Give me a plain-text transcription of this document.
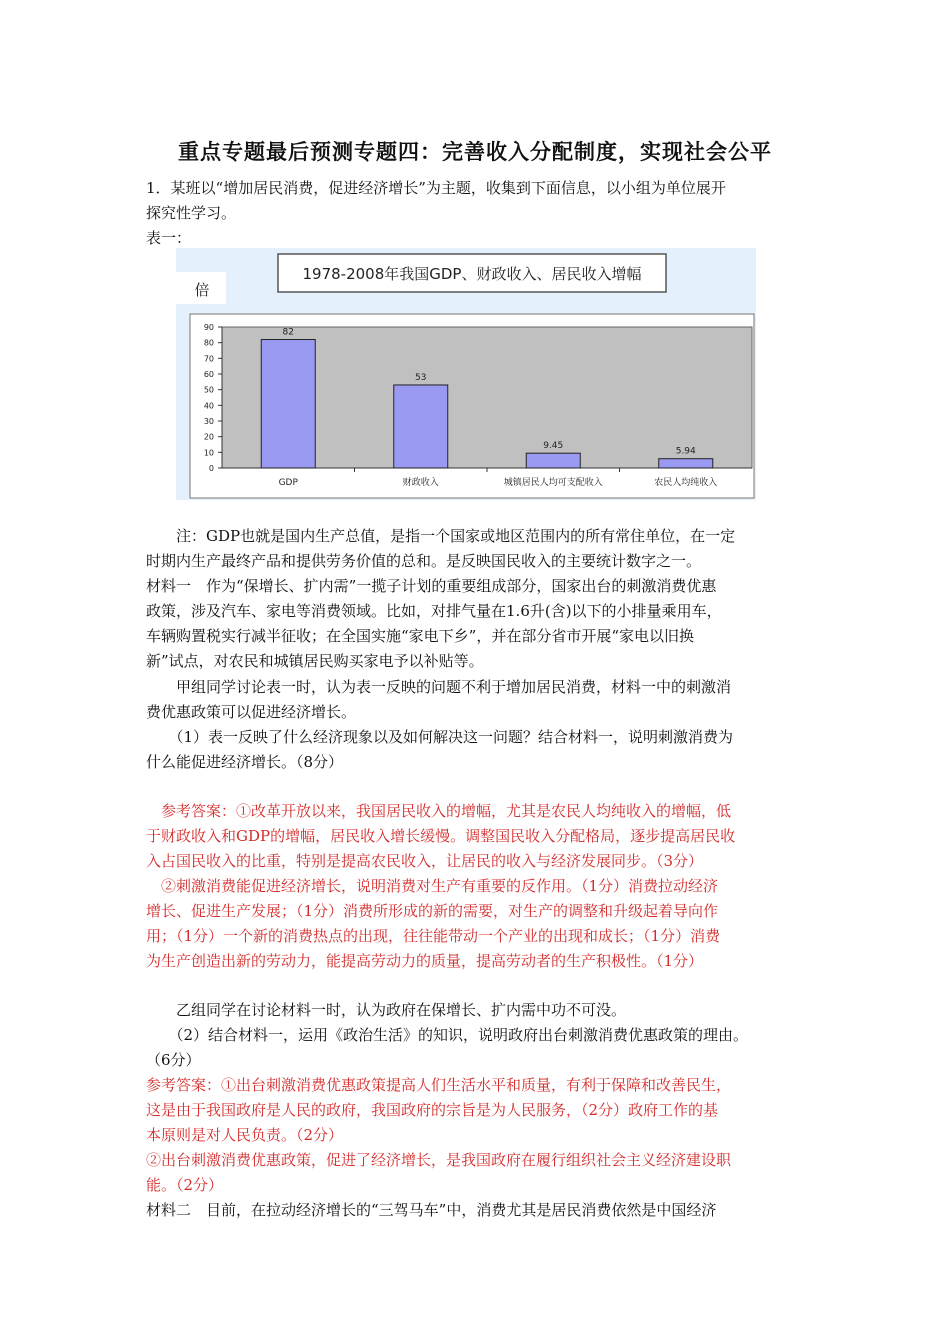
重点专题最后预测专题四：完善收入分配制度，实现社会公平
1．某班以“增加居民消费，促进经济增长”为主题，收集到下面信息，以小组为单位展开
探究性学习。
表一：
　　注：GDP也就是国内生产总值，是指一个国家或地区范围内的所有常住单位，在一定
时期内生产最终产品和提供劳务价值的总和。是反映国民收入的主要统计数字之一。
材料一　作为“保增长、扩内需”一揽子计划的重要组成部分，国家出台的刺激消费优惠
政策，涉及汽车、家电等消费领域。比如，对排气量在1.6升(含)以下的小排量乘用车，
车辆购置税实行减半征收；在全国实施“家电下乡”，并在部分省市开展“家电以旧换
新”试点，对农民和城镇居民购买家电予以补贴等。
　　甲组同学讨论表一时，认为表一反映的问题不利于增加居民消费，材料一中的刺激消
费优惠政策可以促进经济增长。
　　（1）表一反映了什么经济现象以及如何解决这一问题？结合材料一，说明刺激消费为
什么能促进经济增长。（8分）
　参考答案：①改革开放以来，我国居民收入的增幅，尤其是农民人均纯收入的增幅，低
于财政收入和GDP的增幅，居民收入增长缓慢。调整国民收入分配格局，逐步提高居民收
入占国民收入的比重，特别是提高农民收入，让居民的收入与经济发展同步。（3分）
　②刺激消费能促进经济增长，说明消费对生产有重要的反作用。（1分）消费拉动经济
增长、促进生产发展；（1分）消费所形成的新的需要，对生产的调整和升级起着导向作
用；（1分）一个新的消费热点的出现，往往能带动一个产业的出现和成长；（1分）消费
为生产创造出新的劳动力，能提高劳动力的质量，提高劳动者的生产积极性。（1分）
　　乙组同学在讨论材料一时，认为政府在保增长、扩内需中功不可没。
　　（2）结合材料一，运用《政治生活》的知识，说明政府出台刺激消费优惠政策的理由。
（6分）
参考答案：①出台刺激消费优惠政策提高人们生活水平和质量，有利于保障和改善民生，
这是由于我国政府是人民的政府，我国政府的宗旨是为人民服务，（2分）政府工作的基
本原则是对人民负责。（2分）
②出台刺激消费优惠政策，促进了经济增长，是我国政府在履行组织社会主义经济建设职
能。（2分）
材料二　目前，在拉动经济增长的“三驾马车”中，消费尤其是居民消费依然是中国经济
1978-2008年我国GDP、财政收入、居民收入增幅
倍
0
10
20
30
40
50
60
70
80
90
82
GDP
53
财政收入
9.45
城镇居民人均可支配收入
5.94
农民人均纯收入
